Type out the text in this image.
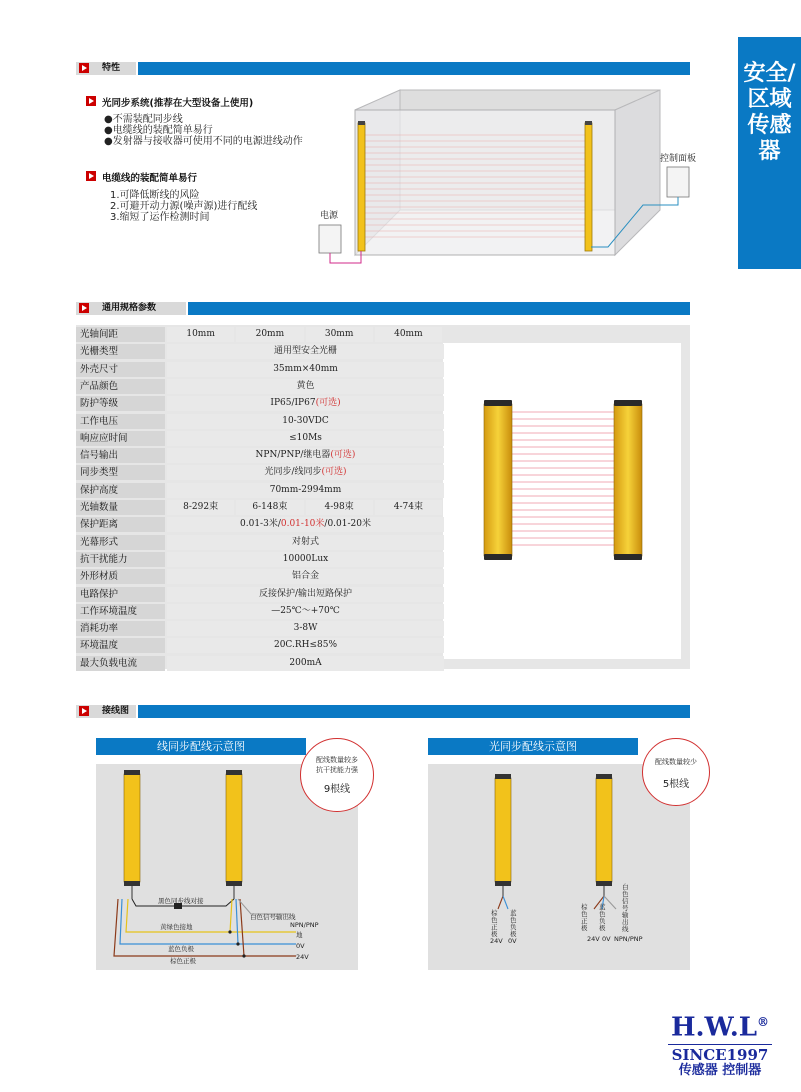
安全/
区域
传感器
特性
光同步系统(推荐在大型设备上使用)
●不需装配同步线
●电缆线的装配简单易行
●发射器与接收器可使用不同的电源进线动作
电缆线的装配简单易行
1.可降低断线的风险
2.可避开动力源(噪声源)进行配线
3.缩短了运作检测时间
控制面板
电源
通用规格参数
光轴间距	10mm	20mm	30mm	40mm
光栅类型	通用型安全光栅
外壳尺寸	35mm×40mm
产品颜色	黄色
防护等级	IP65/IP67(可选)
工作电压	10-30VDC
响应应时间	≤10Ms
信号输出	NPN/PNP/继电器(可选)
同步类型	光同步/线同步(可选)
保护高度	70mm-2994mm
光轴数量	8-292束	6-148束	4-98束	4-74束
保护距离	0.01-3米/0.01-10米/0.01-20米
光幕形式	对射式
抗干扰能力	10000Lux
外形材质	铝合金
电路保护	反接保护/输出短路保护
工作环境温度	—25℃～+70℃
消耗功率	3-8W
环境温度	20C.RH≤85%
最大负载电流	200mA
接线图
线同步配线示意图
黑色同步线对接
白色信号输出线
NPN/PNP
黄绿色接地
地
蓝色负极	0V
棕色正极	24V
配线数量较多
抗干扰能力强
9根线
光同步配线示意图
棕色正极
蓝色负极
24V 0V
棕色正极
蓝色负极
白色信号输出线
24V 0V NPN/PNP
配线数量较少
5根线
H.W.L®
SINCE1997
传感器 控制器
